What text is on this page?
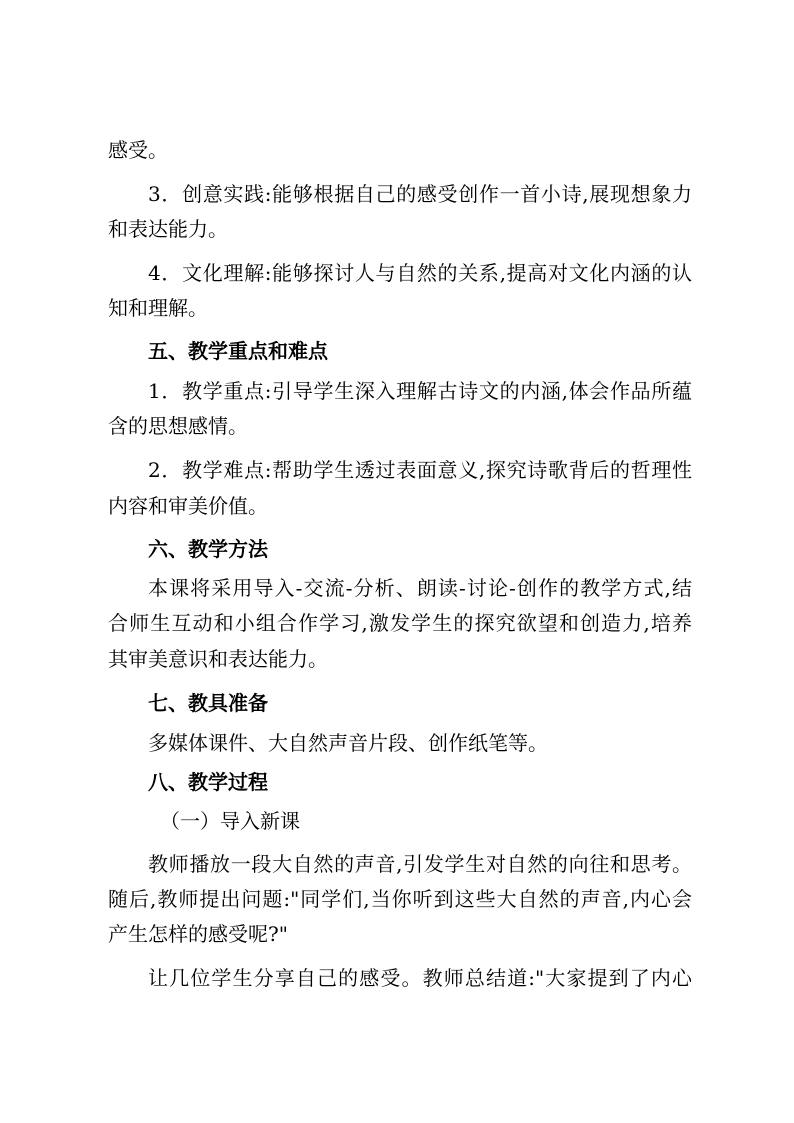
感受。
3．创意实践:能够根据自己的感受创作一首小诗,展现想象力
和表达能力。
4．文化理解:能够探讨人与自然的关系,提高对文化内涵的认
知和理解。
五、教学重点和难点
1．教学重点:引导学生深入理解古诗文的内涵,体会作品所蕴
含的思想感情。
2．教学难点:帮助学生透过表面意义,探究诗歌背后的哲理性
内容和审美价值。
六、教学方法
本课将采用导入-交流-分析、朗读-讨论-创作的教学方式,结
合师生互动和小组合作学习,激发学生的探究欲望和创造力,培养
其审美意识和表达能力。
七、教具准备
多媒体课件、大自然声音片段、创作纸笔等。
八、教学过程
（一）导入新课
教师播放一段大自然的声音,引发学生对自然的向往和思考。
随后,教师提出问题:"同学们,当你听到这些大自然的声音,内心会
产生怎样的感受呢?"
让几位学生分享自己的感受。教师总结道:"大家提到了内心
